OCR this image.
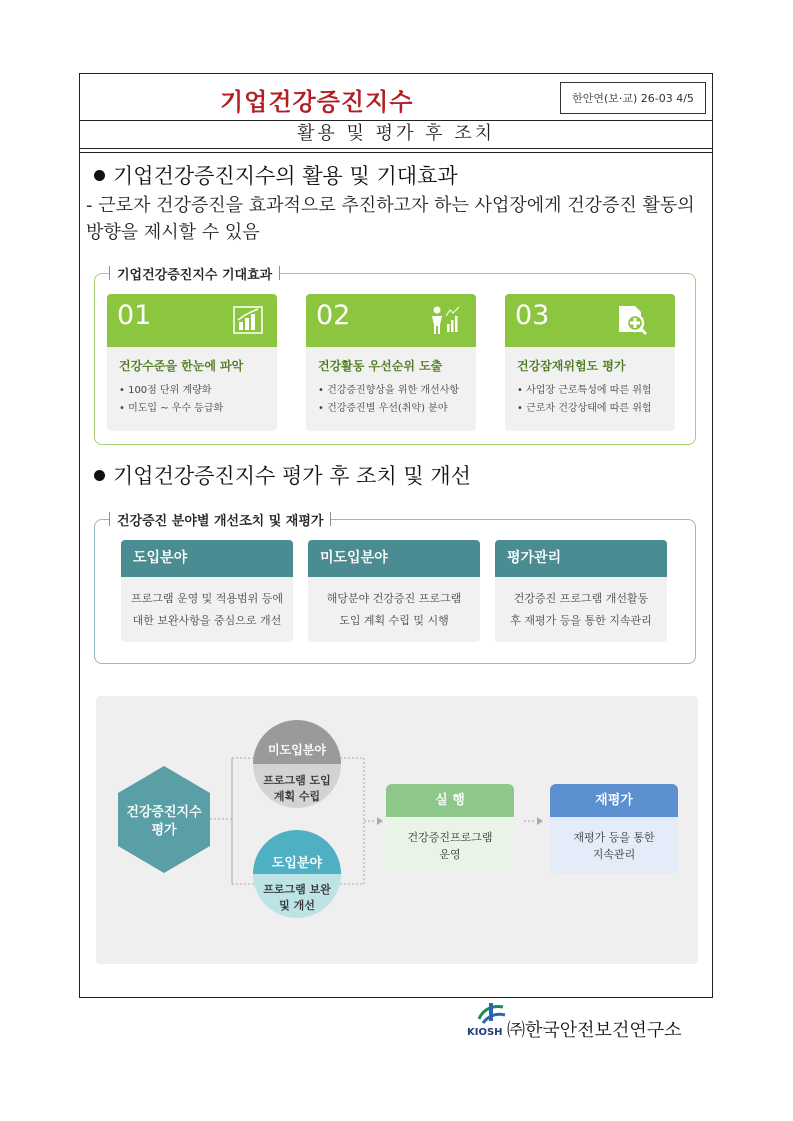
기업건강증진지수	한안연(보·교) 26-03 4/5
활용 및 평가 후 조치
기업건강증진지수의 활용 및 기대효과
- 근로자 건강증진을 효과적으로 추진하고자 하는 사업장에게 건강증진 활동의 방향을 제시할 수 있음
기업건강증진지수 기대효과
01
건강수준을 한눈에 파악
• 100점 단위 계량화
• 미도입 ~ 우수 등급화
02
건강활동 우선순위 도출
• 건강증진향상을 위한 개선사항
• 건강증진별 우선(취약) 분야
03
건강잠재위험도 평가
• 사업장 근로특성에 따른 위험
• 근로자 건강상태에 따른 위험
기업건강증진지수 평가 후 조치 및 개선
건강증진 분야별 개선조치 및 재평가
도입분야
프로그램 운영 및 적용범위 등에
대한 보완사항을 중심으로 개선
미도입분야
해당분야 건강증진 프로그램
도입 계획 수립 및 시행
평가관리
건강증진 프로그램 개선활동
후 재평가 등을 통한 지속관리
건강증진지수
평가
미도입분야
프로그램 도입
계획 수립
도입분야
프로그램 보완
및 개선
실 행
건강증진프로그램
운영
재평가
재평가 등을 통한
지속관리
KIOSH ㈜한국안전보건연구소
